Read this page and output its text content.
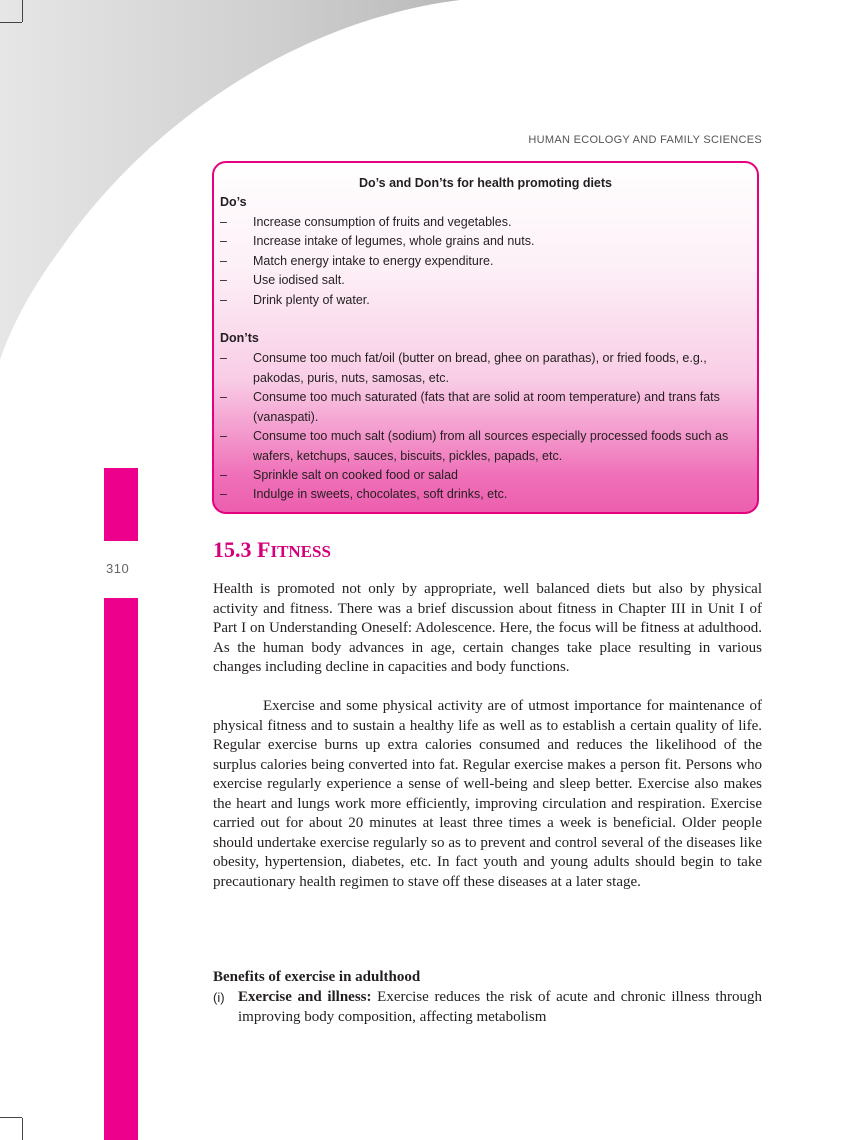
310
HUMAN ECOLOGY AND FAMILY SCIENCES
Do’s and Don’ts for health promoting diets
Do’s
– Increase consumption of fruits and vegetables.
– Increase intake of legumes, whole grains and nuts.
– Match energy intake to energy expenditure.
– Use iodised salt.
– Drink plenty of water.
Don’ts
– Consume too much fat/oil (butter on bread, ghee on parathas), or fried foods, e.g., pakodas, puris, nuts, samosas, etc.
– Consume too much saturated (fats that are solid at room temperature) and trans fats (vanaspati).
– Consume too much salt (sodium) from all sources especially processed foods such as wafers, ketchups, sauces, biscuits, pickles, papads, etc.
– Sprinkle salt on cooked food or salad
– Indulge in sweets, chocolates, soft drinks, etc.
15.3 FITNESS
Health is promoted not only by appropriate, well balanced diets but also by physical activity and fitness. There was a brief discussion about fitness in Chapter III in Unit I of Part I on Understanding Oneself: Adolescence. Here, the focus will be fitness at adulthood. As the human body advances in age, certain changes take place resulting in various changes including decline in capacities and body functions.
Exercise and some physical activity are of utmost importance for maintenance of physical fitness and to sustain a healthy life as well as to establish a certain quality of life. Regular exercise burns up extra calories consumed and reduces the likelihood of the surplus calories being converted into fat. Regular exercise makes a person fit. Persons who exercise regularly experience a sense of well-being and sleep better. Exercise also makes the heart and lungs work more efficiently, improving circulation and respiration. Exercise carried out for about 20 minutes at least three times a week is beneficial. Older people should undertake exercise regularly so as to prevent and control several of the diseases like obesity, hypertension, diabetes, etc. In fact youth and young adults should begin to take precautionary health regimen to stave off these diseases at a later stage.
Benefits of exercise in adulthood
(i) Exercise and illness: Exercise reduces the risk of acute and chronic illness through improving body composition, affecting metabolism
